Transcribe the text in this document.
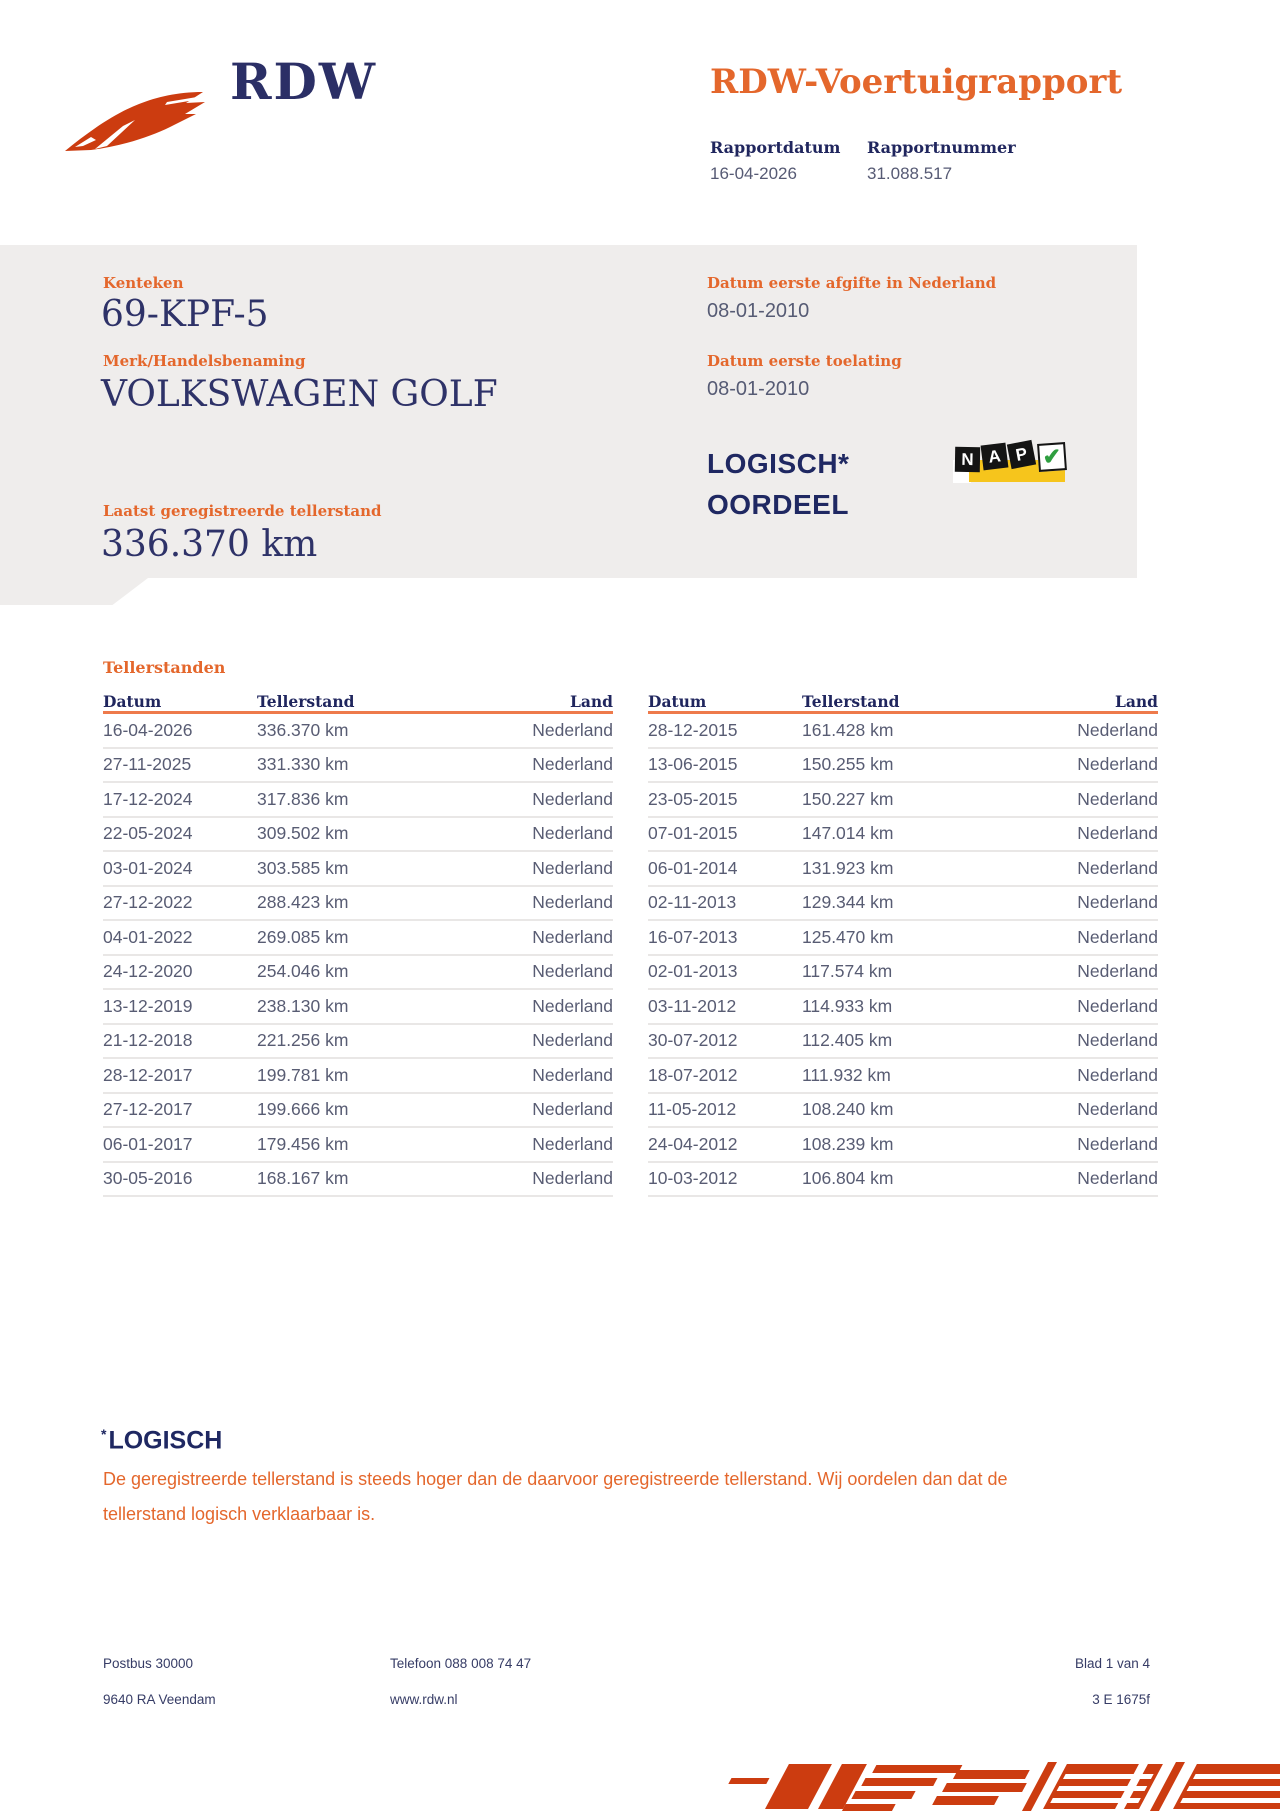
RDW	RDW-Voertuigrapport
Rapportdatum Rapportnummer
16-04-2026	31.088.517
Kenteken
69-KPF-5
Merk/Handelsbenaming
VOLKSWAGEN GOLF
Laatst geregistreerde tellerstand
336.370 km
Datum eerste afgifte in Nederland
08-01-2010
Datum eerste toelating
08-01-2010
LOGISCH*
OORDEEL
N A P ✔
Tellerstanden
Datum	Tellerstand	Land
16-04-2026	336.370 km	Nederland
27-11-2025	331.330 km	Nederland
17-12-2024	317.836 km	Nederland
22-05-2024	309.502 km	Nederland
03-01-2024	303.585 km	Nederland
27-12-2022	288.423 km	Nederland
04-01-2022	269.085 km	Nederland
24-12-2020	254.046 km	Nederland
13-12-2019	238.130 km	Nederland
21-12-2018	221.256 km	Nederland
28-12-2017	199.781 km	Nederland
27-12-2017	199.666 km	Nederland
06-01-2017	179.456 km	Nederland
30-05-2016	168.167 km	Nederland
Datum	Tellerstand	Land
28-12-2015	161.428 km	Nederland
13-06-2015	150.255 km	Nederland
23-05-2015	150.227 km	Nederland
07-01-2015	147.014 km	Nederland
06-01-2014	131.923 km	Nederland
02-11-2013	129.344 km	Nederland
16-07-2013	125.470 km	Nederland
02-01-2013	117.574 km	Nederland
03-11-2012	114.933 km	Nederland
30-07-2012	112.405 km	Nederland
18-07-2012	111.932 km	Nederland
11-05-2012	108.240 km	Nederland
24-04-2012	108.239 km	Nederland
10-03-2012	106.804 km	Nederland
*LOGISCH
De geregistreerde tellerstand is steeds hoger dan de daarvoor geregistreerde tellerstand. Wij oordelen dan dat de tellerstand logisch verklaarbaar is.
Postbus 30000
9640 RA Veendam
Telefoon 088 008 74 47
www.rdw.nl
Blad 1 van 4
3 E 1675f
